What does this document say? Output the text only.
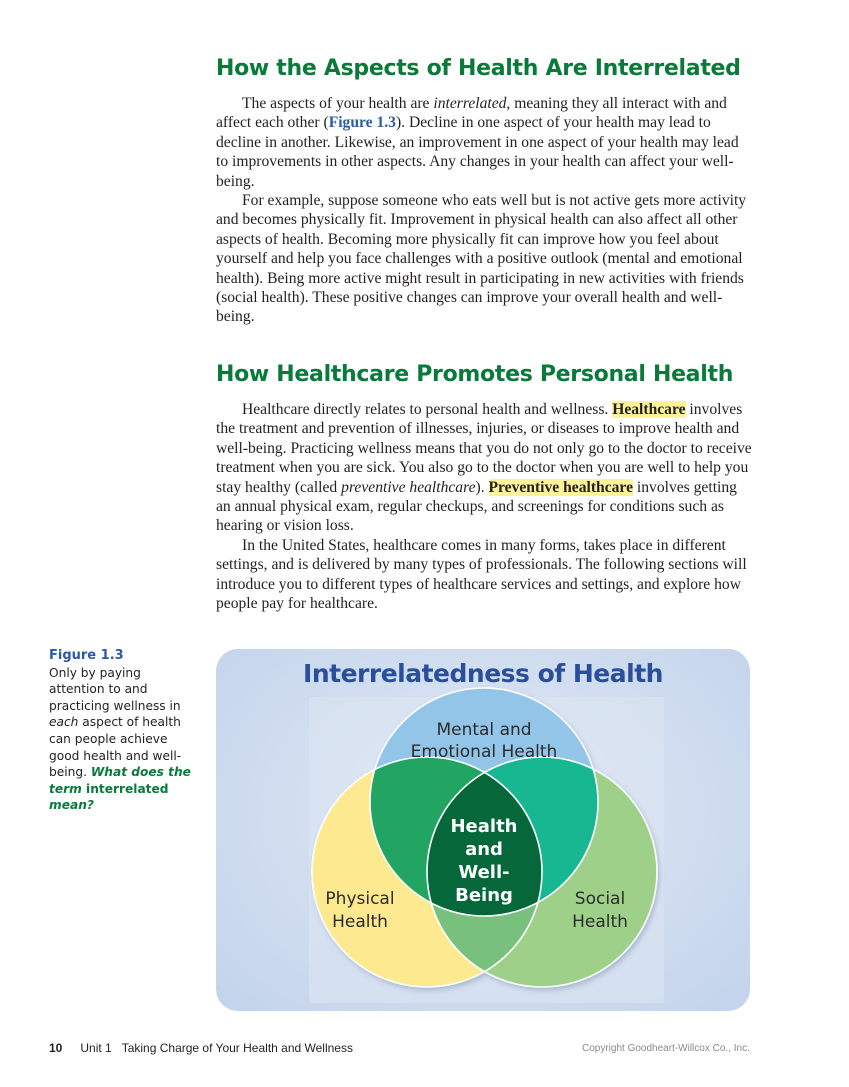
How the Aspects of Health Are Interrelated

The aspects of your health are interrelated, meaning they all interact with and affect each other (Figure 1.3). Decline in one aspect of your health may lead to decline in another. Likewise, an improvement in one aspect of your health may lead to improvements in other aspects. Any changes in your health can affect your well-being.

For example, suppose someone who eats well but is not active gets more activity and becomes physically fit. Improvement in physical health can also affect all other aspects of health. Becoming more physically fit can improve how you feel about yourself and help you face challenges with a positive outlook (mental and emotional health). Being more active might result in participating in new activities with friends (social health). These positive changes can improve your overall health and well-being.

How Healthcare Promotes Personal Health

Healthcare directly relates to personal health and wellness. Healthcare involves the treatment and prevention of illnesses, injuries, or diseases to improve health and well-being. Practicing wellness means that you do not only go to the doctor to receive treatment when you are sick. You also go to the doctor when you are well to help you stay healthy (called preventive healthcare). Preventive healthcare involves getting an annual physical exam, regular checkups, and screenings for conditions such as hearing or vision loss.

In the United States, healthcare comes in many forms, takes place in different settings, and is delivered by many types of professionals. The following sections will introduce you to different types of healthcare services and settings, and explore how people pay for healthcare.

Figure 1.3
Only by paying attention to and practicing wellness in each aspect of health can people achieve good health and well-being. What does the term interrelated mean?
Interrelatedness of Health
Mental and
Emotional Health
Physical
Health
Social
Health
Health
and
Well-
Being
10 Unit 1 Taking Charge of Your Health and Wellness	Copyright Goodheart-Willcox Co., Inc.
